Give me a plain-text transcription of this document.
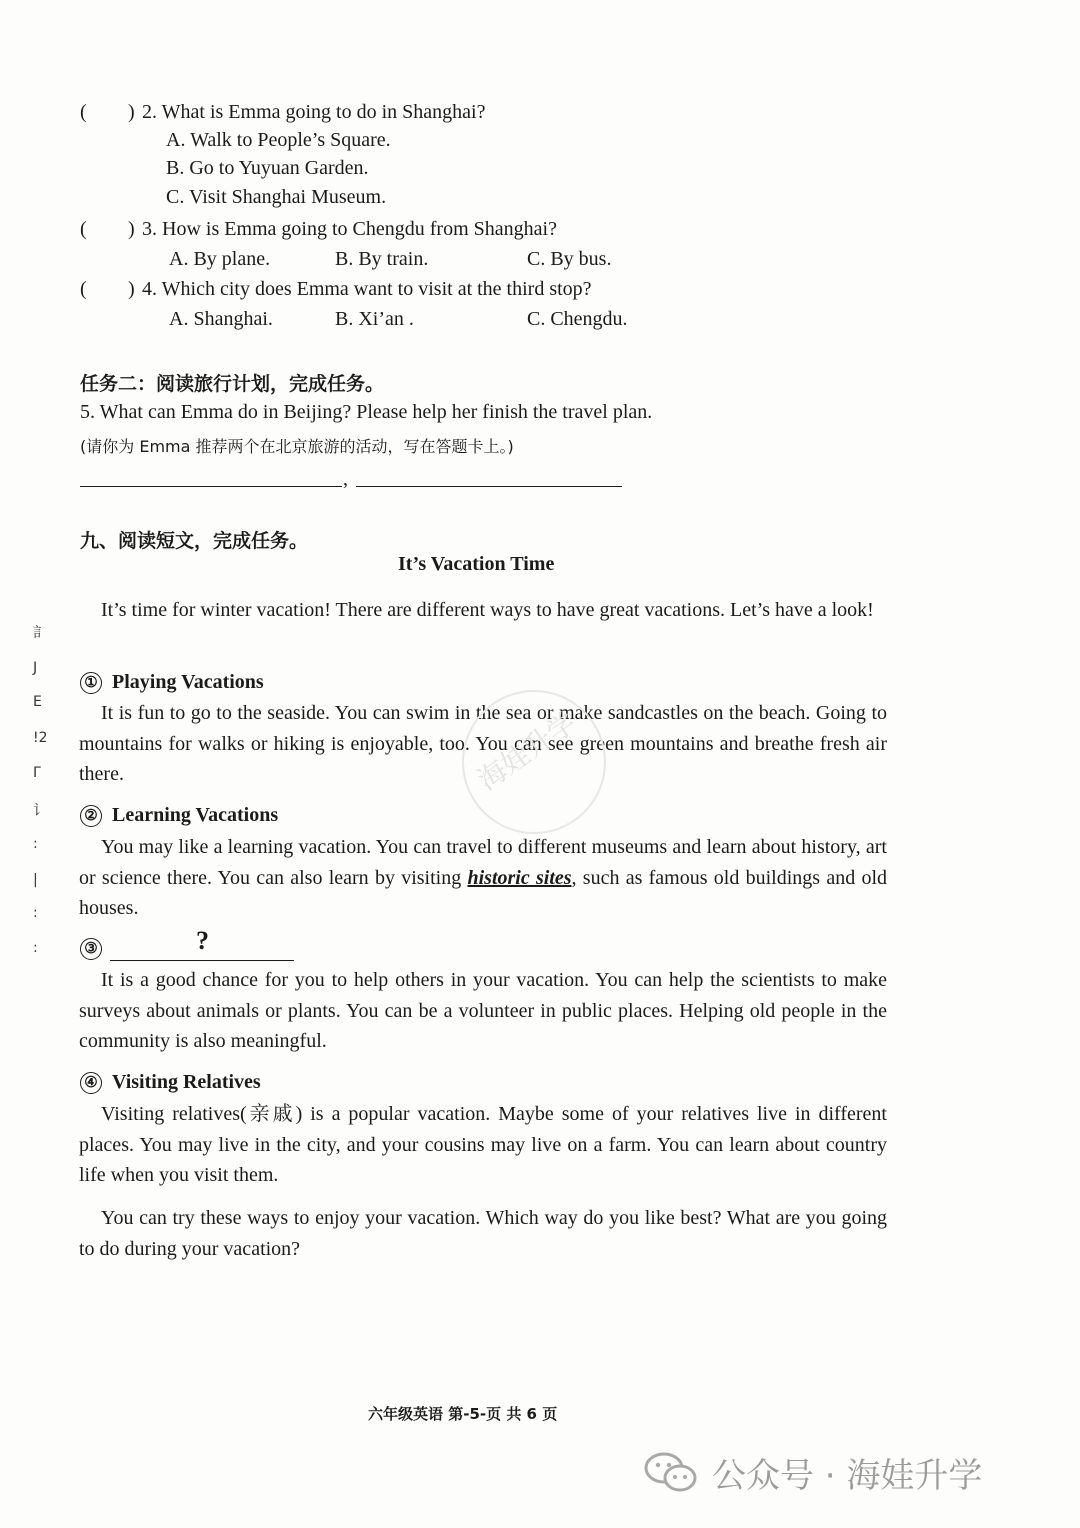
( ) 2. What is Emma going to do in Shanghai?
A. Walk to People’s Square.
B. Go to Yuyuan Garden.
C. Visit Shanghai Museum.
( ) 3. How is Emma going to Chengdu from Shanghai?
A. By plane.	B. By train.	C. By bus.
( ) 4. Which city does Emma want to visit at the third stop?
A. Shanghai.	B. Xi’an .	C. Chengdu.
任务二：阅读旅行计划，完成任务。
5. What can Emma do in Beijing? Please help her finish the travel plan.
(请你为 Emma 推荐两个在北京旅游的活动，写在答题卡上。)
,
九、阅读短文，完成任务。
It’s Vacation Time
It’s time for winter vacation! There are different ways to have great vacations. Let’s have a look!
① Playing Vacations
It is fun to go to the seaside. You can swim in the sea or make sandcastles on the beach. Going to mountains for walks or hiking is enjoyable, too. You can see green mountains and breathe fresh air there.
② Learning Vacations
You may like a learning vacation. You can travel to different museums and learn about history, art or science there. You can also learn by visiting historic sites, such as famous old buildings and old houses.
③	?
It is a good chance for you to help others in your vacation. You can help the scientists to make surveys about animals or plants. You can be a volunteer in public places. Helping old people in the community is also meaningful.
④ Visiting Relatives
Visiting relatives(亲戚) is a popular vacation. Maybe some of your relatives live in different places. You may live in the city, and your cousins may live on a farm. You can learn about country life when you visit them.
You can try these ways to enjoy your vacation. Which way do you like best? What are you going to do during your vacation?
海娃升学
訁
J
E
!2
Г
讠
:
|
:
:
六年级英语 第-5-页 共 6 页
公众号 · 海娃升学
